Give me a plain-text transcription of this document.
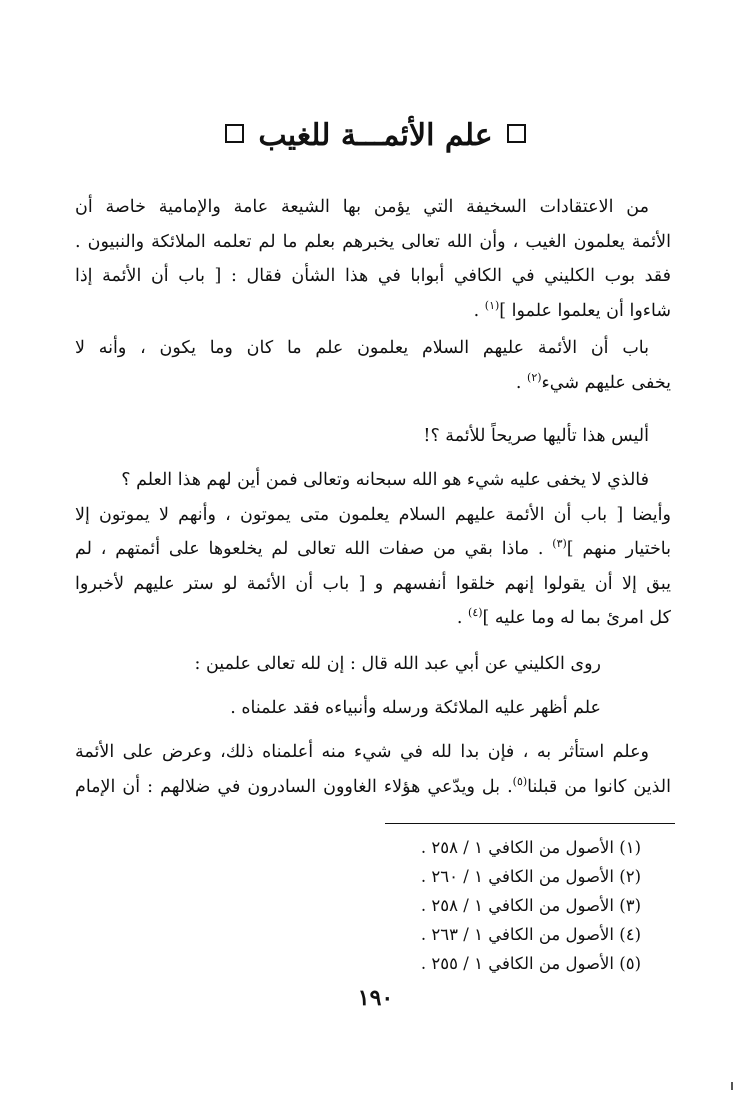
علم الأئمـــة للغيب
من الاعتقادات السخيفة التي يؤمن بها الشيعة عامة والإمامية خاصة أن
الأئمة يعلمون الغيب ، وأن الله تعالى يخبرهم بعلم ما لم تعلمه الملائكة والنبيون .
فقد بوب الكليني في الكافي أبوابا في هذا الشأن فقال : [ باب أن الأئمة إذا
شاءوا أن يعلموا علموا ]$^{(١)}$ .
باب أن الأئمة عليهم السلام يعلمون علم ما كان وما يكون ، وأنه لا
يخفى عليهم شيء$^{(٢)}$ .
أليس هذا تأليها صريحاً للأئمة ؟!
فالذي لا يخفى عليه شيء هو الله سبحانه وتعالى فمن أين لهم هذا العلم ؟
وأيضا [ باب أن الأئمة عليهم السلام يعلمون متى يموتون ، وأنهم لا يموتون إلا
باختيار منهم ]$^{(٣)}$ . ماذا بقي من صفات الله تعالى لم يخلعوها على أئمتهم ، لم
يبق إلا أن يقولوا إنهم خلقوا أنفسهم و [ باب أن الأئمة لو ستر عليهم لأخبروا
كل امرئ بما له وما عليه ]$^{(٤)}$ .
روى الكليني عن أبي عبد الله قال : إن لله تعالى علمين :
علم أظهر عليه الملائكة ورسله وأنبياءه فقد علمناه .
وعلم استأثر به ، فإن بدا لله في شيء منه أعلمناه ذلك، وعرض على الأئمة
الذين كانوا من قبلنا$^{(٥)}$. بل ويدّعي هؤلاء الغاوون السادرون في ضلالهم : أن الإمام
(١) الأصول من الكافي ١ / ٢٥٨ .
(٢) الأصول من الكافي ١ / ٢٦٠ .
(٣) الأصول من الكافي ١ / ٢٥٨ .
(٤) الأصول من الكافي ١ / ٢٦٣ .
(٥) الأصول من الكافي ١ / ٢٥٥ .
١٩٠
